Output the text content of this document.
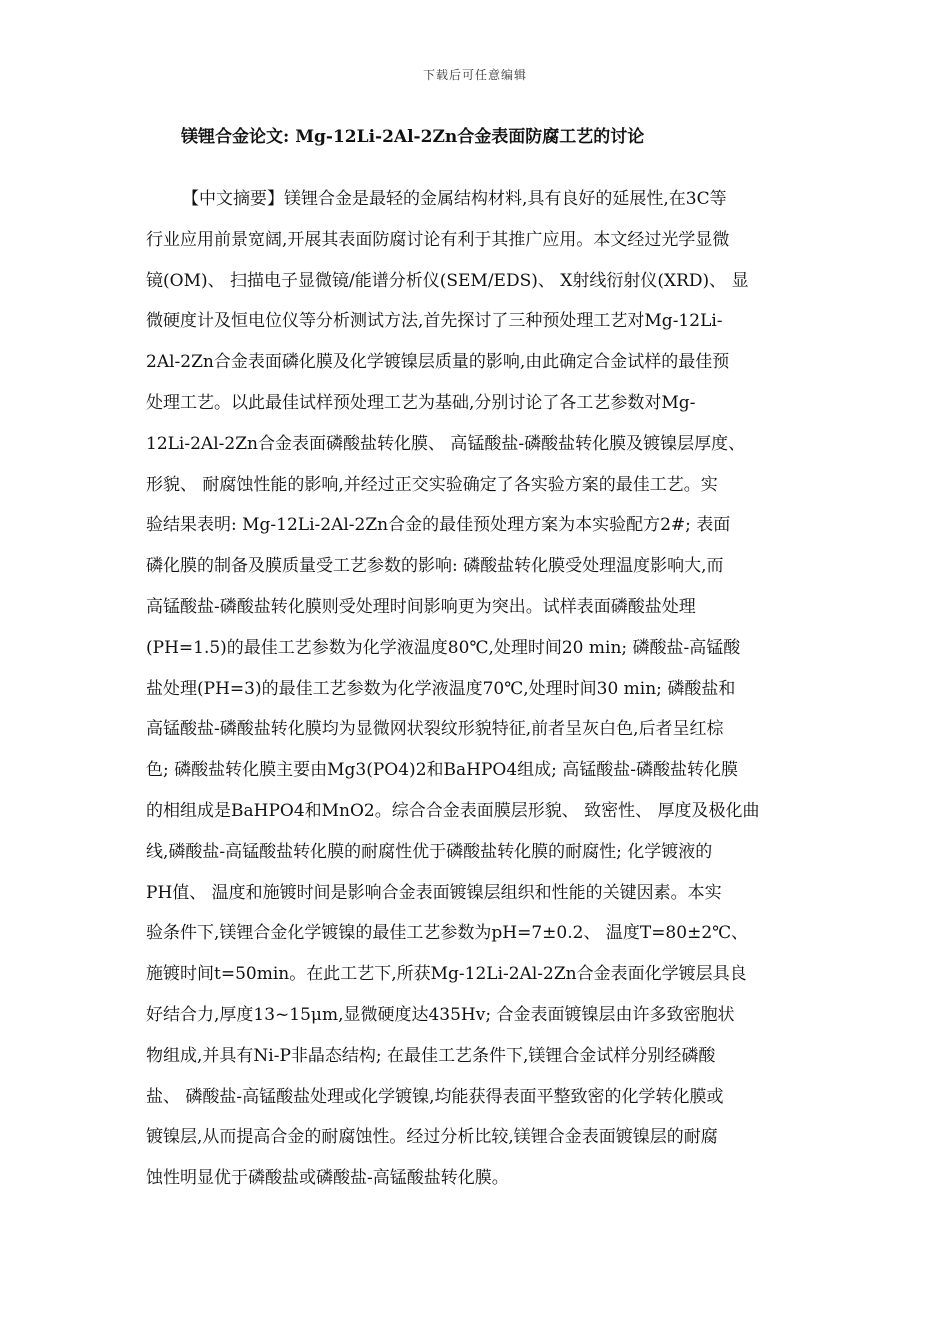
下载后可任意编辑
镁锂合金论文: Mg-12Li-2Al-2Zn合金表面防腐工艺的讨论
【中文摘要】镁锂合金是最轻的金属结构材料,具有良好的延展性,在3C等
行业应用前景宽阔,开展其表面防腐讨论有利于其推广应用。本文经过光学显微
镜(OM)、 扫描电子显微镜/能谱分析仪(SEM/EDS)、 X射线衍射仪(XRD)、 显
微硬度计及恒电位仪等分析测试方法,首先探讨了三种预处理工艺对Mg-12Li-
2Al-2Zn合金表面磷化膜及化学镀镍层质量的影响,由此确定合金试样的最佳预
处理工艺。以此最佳试样预处理工艺为基础,分别讨论了各工艺参数对Mg-
12Li-2Al-2Zn合金表面磷酸盐转化膜、 高锰酸盐-磷酸盐转化膜及镀镍层厚度、
形貌、 耐腐蚀性能的影响,并经过正交实验确定了各实验方案的最佳工艺。实
验结果表明: Mg-12Li-2Al-2Zn合金的最佳预处理方案为本实验配方2#; 表面
磷化膜的制备及膜质量受工艺参数的影响: 磷酸盐转化膜受处理温度影响大,而
高锰酸盐-磷酸盐转化膜则受处理时间影响更为突出。试样表面磷酸盐处理
(PH=1.5)的最佳工艺参数为化学液温度80℃,处理时间20 min; 磷酸盐-高锰酸
盐处理(PH=3)的最佳工艺参数为化学液温度70℃,处理时间30 min; 磷酸盐和
高锰酸盐-磷酸盐转化膜均为显微网状裂纹形貌特征,前者呈灰白色,后者呈红棕
色; 磷酸盐转化膜主要由Mg3(PO4)2和BaHPO4组成; 高锰酸盐-磷酸盐转化膜
的相组成是BaHPO4和MnO2。综合合金表面膜层形貌、 致密性、 厚度及极化曲
线,磷酸盐-高锰酸盐转化膜的耐腐性优于磷酸盐转化膜的耐腐性; 化学镀液的
PH值、 温度和施镀时间是影响合金表面镀镍层组织和性能的关键因素。本实
验条件下,镁锂合金化学镀镍的最佳工艺参数为pH=7±0.2、 温度T=80±2℃、
施镀时间t=50min。在此工艺下,所获Mg-12Li-2Al-2Zn合金表面化学镀层具良
好结合力,厚度13~15μm,显微硬度达435Hv; 合金表面镀镍层由许多致密胞状
物组成,并具有Ni-P非晶态结构; 在最佳工艺条件下,镁锂合金试样分别经磷酸
盐、 磷酸盐-高锰酸盐处理或化学镀镍,均能获得表面平整致密的化学转化膜或
镀镍层,从而提高合金的耐腐蚀性。经过分析比较,镁锂合金表面镀镍层的耐腐
蚀性明显优于磷酸盐或磷酸盐-高锰酸盐转化膜。
